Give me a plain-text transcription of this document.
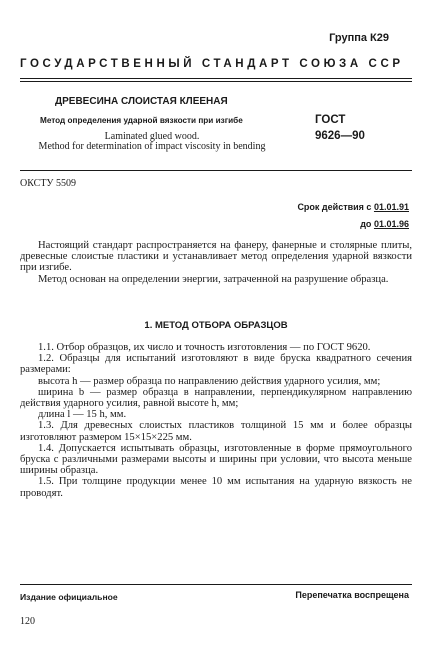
Группа К29
ГОСУДАРСТВЕННЫЙ СТАНДАРТ СОЮЗА ССР
ДРЕВЕСИНА СЛОИСТАЯ КЛЕЕНАЯ
Метод определения ударной вязкости при изгибе
Laminated glued wood.
Method for determination of impact viscosity in bending
ГОСТ
9626—90
ОКСТУ 5509
Срок действия с 01.01.91
до 01.01.96

Настоящий стандарт распространяется на фанеру, фанерные и столярные плиты, древесные слоистые пластики и устанавливает метод определения ударной вязкости при изгибе.

Метод основан на определении энергии, затраченной на разрушение образца.

1. МЕТОД ОТБОРА ОБРАЗЦОВ

1.1. Отбор образцов, их число и точность изготовления — по ГОСТ 9620.

1.2. Образцы для испытаний изготовляют в виде бруска квадратного сечения размерами:

высота h — размер образца по направлению действия ударного усилия, мм;

ширина b — размер образца в направлении, перпендикулярном направлению действия ударного усилия, равной высоте h, мм;

длина l — 15 h, мм.

1.3. Для древесных слоистых пластиков толщиной 15 мм и более образцы изготовляют размером 15×15×225 мм.

1.4. Допускается испытывать образцы, изготовленные в форме прямоугольного бруска с различными размерами высоты и ширины при условии, что высота меньше ширины образца.

1.5. При толщине продукции менее 10 мм испытания на ударную вязкость не проводят.

Издание официальное	Перепечатка воспрещена
120
